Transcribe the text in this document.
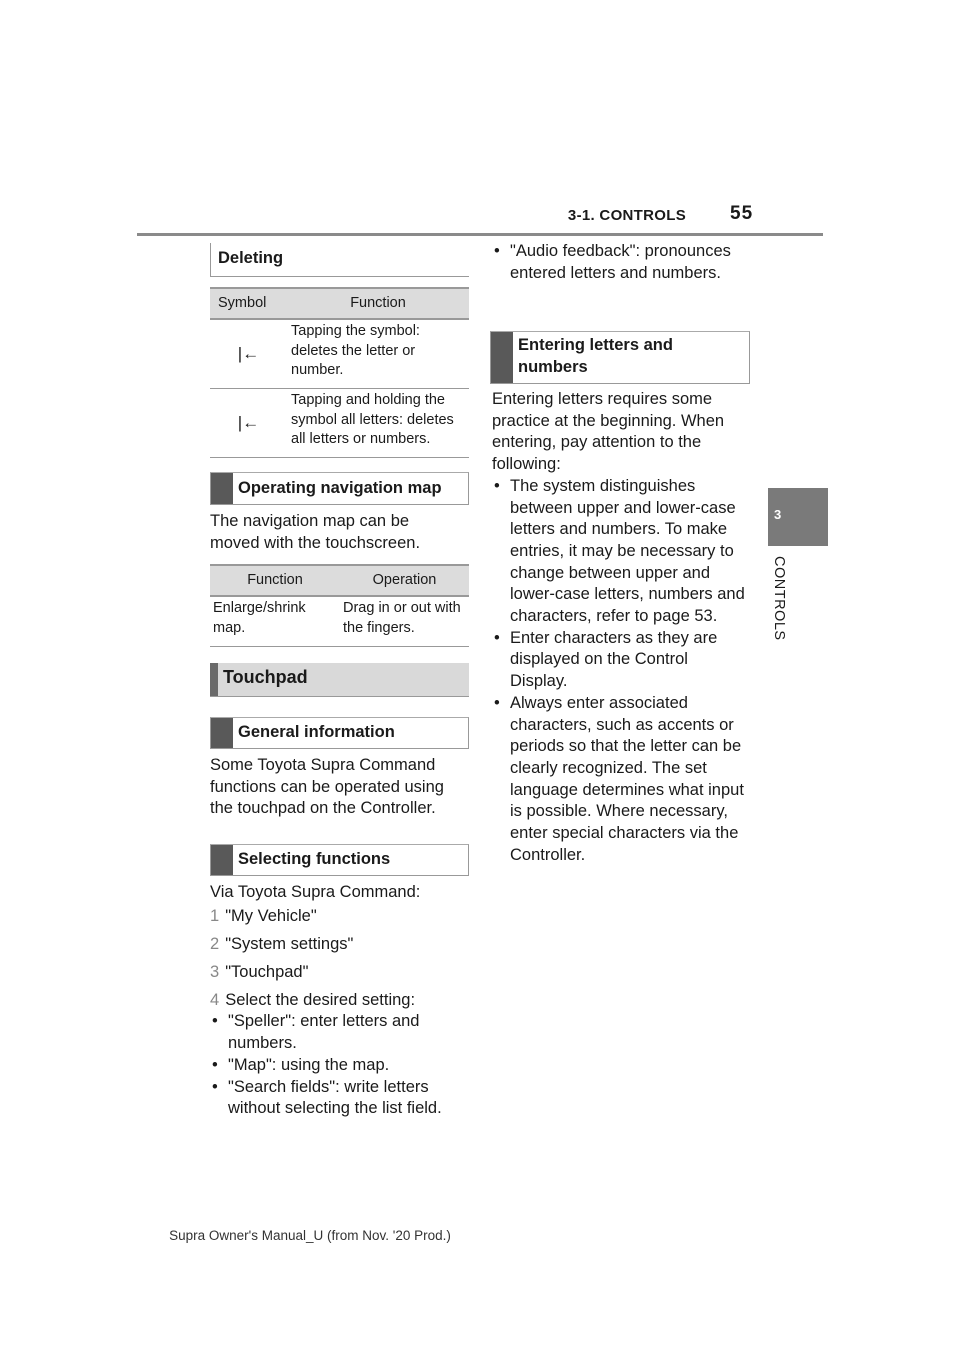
3-1. CONTROLS 55
3
CONTROLS
Deleting
Symbol	Function
|←	Tapping the symbol: deletes the letter or number.
|←	Tapping and holding the symbol all letters: deletes all letters or numbers.
Operating navigation map
The navigation map can be moved with the touchscreen.
Function	Operation
Enlarge/shrink map.	Drag in or out with the fingers.
Touchpad
General information
Some Toyota Supra Command functions can be operated using the touchpad on the Controller.
Selecting functions
Via Toyota Supra Command:
1 "My Vehicle"
2 "System settings"
3 "Touchpad"
4 Select the desired setting:
• "Speller": enter letters and numbers.
• "Map": using the map.
• "Search fields": write letters without selecting the list field.
• "Audio feedback": pronounces entered letters and numbers.
Entering letters and numbers
Entering letters requires some practice at the beginning. When entering, pay attention to the following:
• The system distinguishes between upper and lower-case letters and numbers. To make entries, it may be necessary to change between upper and lower-case letters, numbers and characters, refer to page 53.
• Enter characters as they are displayed on the Control Display.
• Always enter associated characters, such as accents or periods so that the letter can be clearly recognized. The set language determines what input is possible. Where necessary, enter special characters via the Controller.
Supra Owner's Manual_U (from Nov. '20 Prod.)
